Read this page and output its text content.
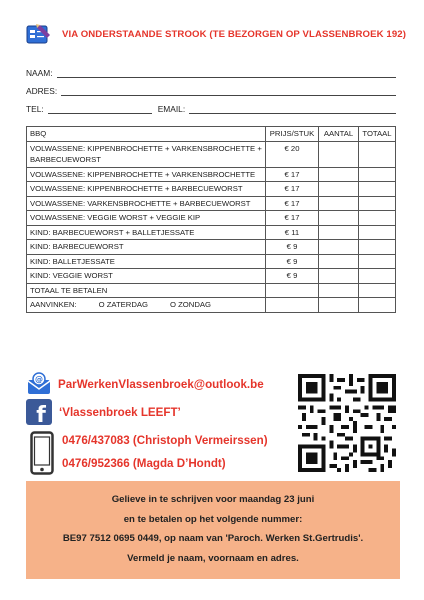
VIA ONDERSTAANDE STROOK (TE BEZORGEN OP VLASSENBROEK 192)
NAAM:
ADRES:
TEL:	EMAIL:
BBQ	PRIJS/STUK	AANTAL	TOTAAL
VOLWASSENE: KIPPENBROCHETTE + VARKENSBROCHETTE + BARBECUEWORST	€ 20		
VOLWASSENE: KIPPENBROCHETTE + VARKENSBROCHETTE	€ 17		
VOLWASSENE: KIPPENBROCHETTE + BARBECUEWORST	€ 17		
VOLWASSENE: VARKENSBROCHETTE + BARBECUEWORST	€ 17		
VOLWASSENE: VEGGIE WORST + VEGGIE KIP	€ 17		
KIND: BARBECUEWORST + BALLETJESSATE	€ 11		
KIND: BARBECUEWORST	€ 9		
KIND: BALLETJESSATE	€ 9		
KIND: VEGGIE WORST	€ 9		
TOTAAL TE BETALEN			

AANVINKEN: O ZATERDAG O ZONDAG			

@ ParWerkenVlassenbroek@outlook.be
f ‘Vlassenbroek LEEFT’
0476/437083 (Christoph Vermeirssen)
0476/952366 (Magda D’Hondt)
Gelieve in te schrijven voor maandag 23 juni
en te betalen op het volgende nummer:
BE97 7512 0695 0449, op naam van 'Paroch. Werken St.Gertrudis'.
Vermeld je naam, voornaam en adres.
